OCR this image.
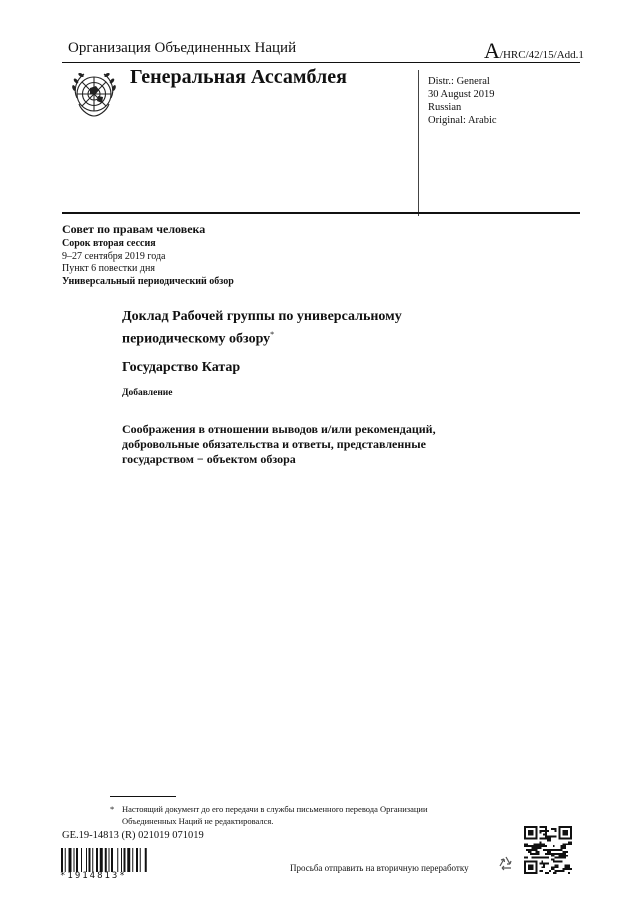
Организация Объединенных Наций	A/HRC/42/15/Add.1
Генеральная Ассамблея	Distr.: General
30 August 2019
Russian
Original: Arabic
Совет по правам человека
Сорок вторая сессия
9–27 сентября 2019 года
Пункт 6 повестки дня
Универсальный периодический обзор
Доклад Рабочей группы по универсальному
периодическому обзору*
Государство Катар
Добавление
Соображения в отношении выводов и/или рекомендаций,
добровольные обязательства и ответы, представленные
государством − объектом обзора
* Настоящий документ до его передачи в службы письменного перевода Организации
Объединенных Наций не редактировался.
GE.19-14813 (R) 021019 071019
*1914813*
Просьба отправить на вторичную переработку
